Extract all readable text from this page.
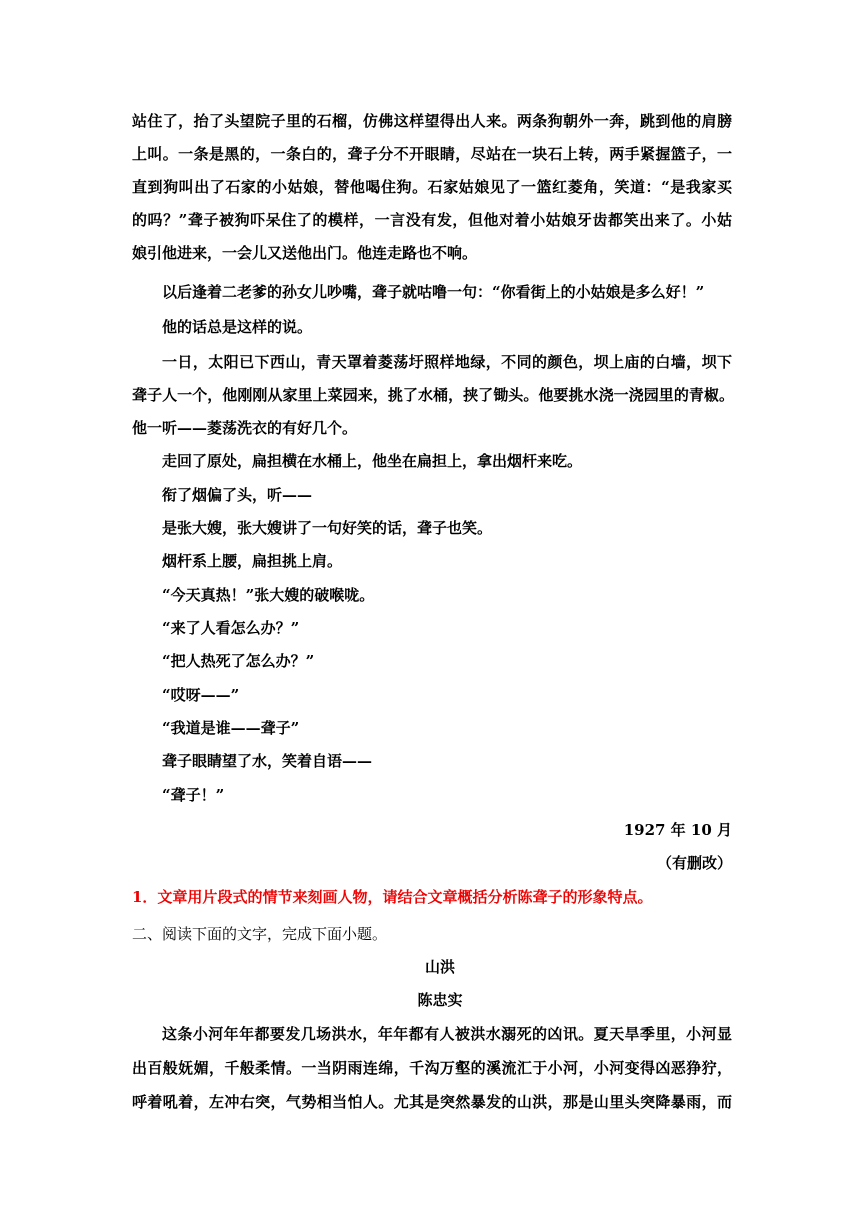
站住了，抬了头望院子里的石榴，仿佛这样望得出人来。两条狗朝外一奔，跳到他的肩膀
上叫。一条是黑的，一条白的，聋子分不开眼睛，尽站在一块石上转，两手紧握篮子，一
直到狗叫出了石家的小姑娘，替他喝住狗。石家姑娘见了一篮红菱角，笑道：“是我家买
的吗？”聋子被狗吓呆住了的模样，一言没有发，但他对着小姑娘牙齿都笑出来了。小姑
娘引他进来，一会儿又送他出门。他连走路也不响。
以后逢着二老爹的孙女儿吵嘴，聋子就咕噜一句：“你看街上的小姑娘是多么好！”
他的话总是这样的说。
一日，太阳已下西山，青天罩着菱荡圩照样地绿，不同的颜色，坝上庙的白墙，坝下
聋子人一个，他刚刚从家里上菜园来，挑了水桶，挟了锄头。他要挑水浇一浇园里的青椒。
他一听——菱荡洗衣的有好几个。
走回了原处，扁担横在水桶上，他坐在扁担上，拿出烟杆来吃。
衔了烟偏了头，听——
是张大嫂，张大嫂讲了一句好笑的话，聋子也笑。
烟杆系上腰，扁担挑上肩。
“今天真热！”张大嫂的破喉咙。
“来了人看怎么办？”
“把人热死了怎么办？”
“哎呀——”
“我道是谁——聋子”
聋子眼睛望了水，笑着自语——
“聋子！”
1927 年 10 月
（有删改）
1．文章用片段式的情节来刻画人物，请结合文章概括分析陈聋子的形象特点。
二、阅读下面的文字，完成下面小题。
山洪
陈忠实
这条小河年年都要发几场洪水，年年都有人被洪水溺死的凶讯。夏天旱季里，小河显
出百般妩媚，千般柔情。一当阴雨连绵，千沟万壑的溪流汇于小河，小河变得凶恶狰狞，
呼着吼着，左冲右突，气势相当怕人。尤其是突然暴发的山洪，那是山里头突降暴雨，而
